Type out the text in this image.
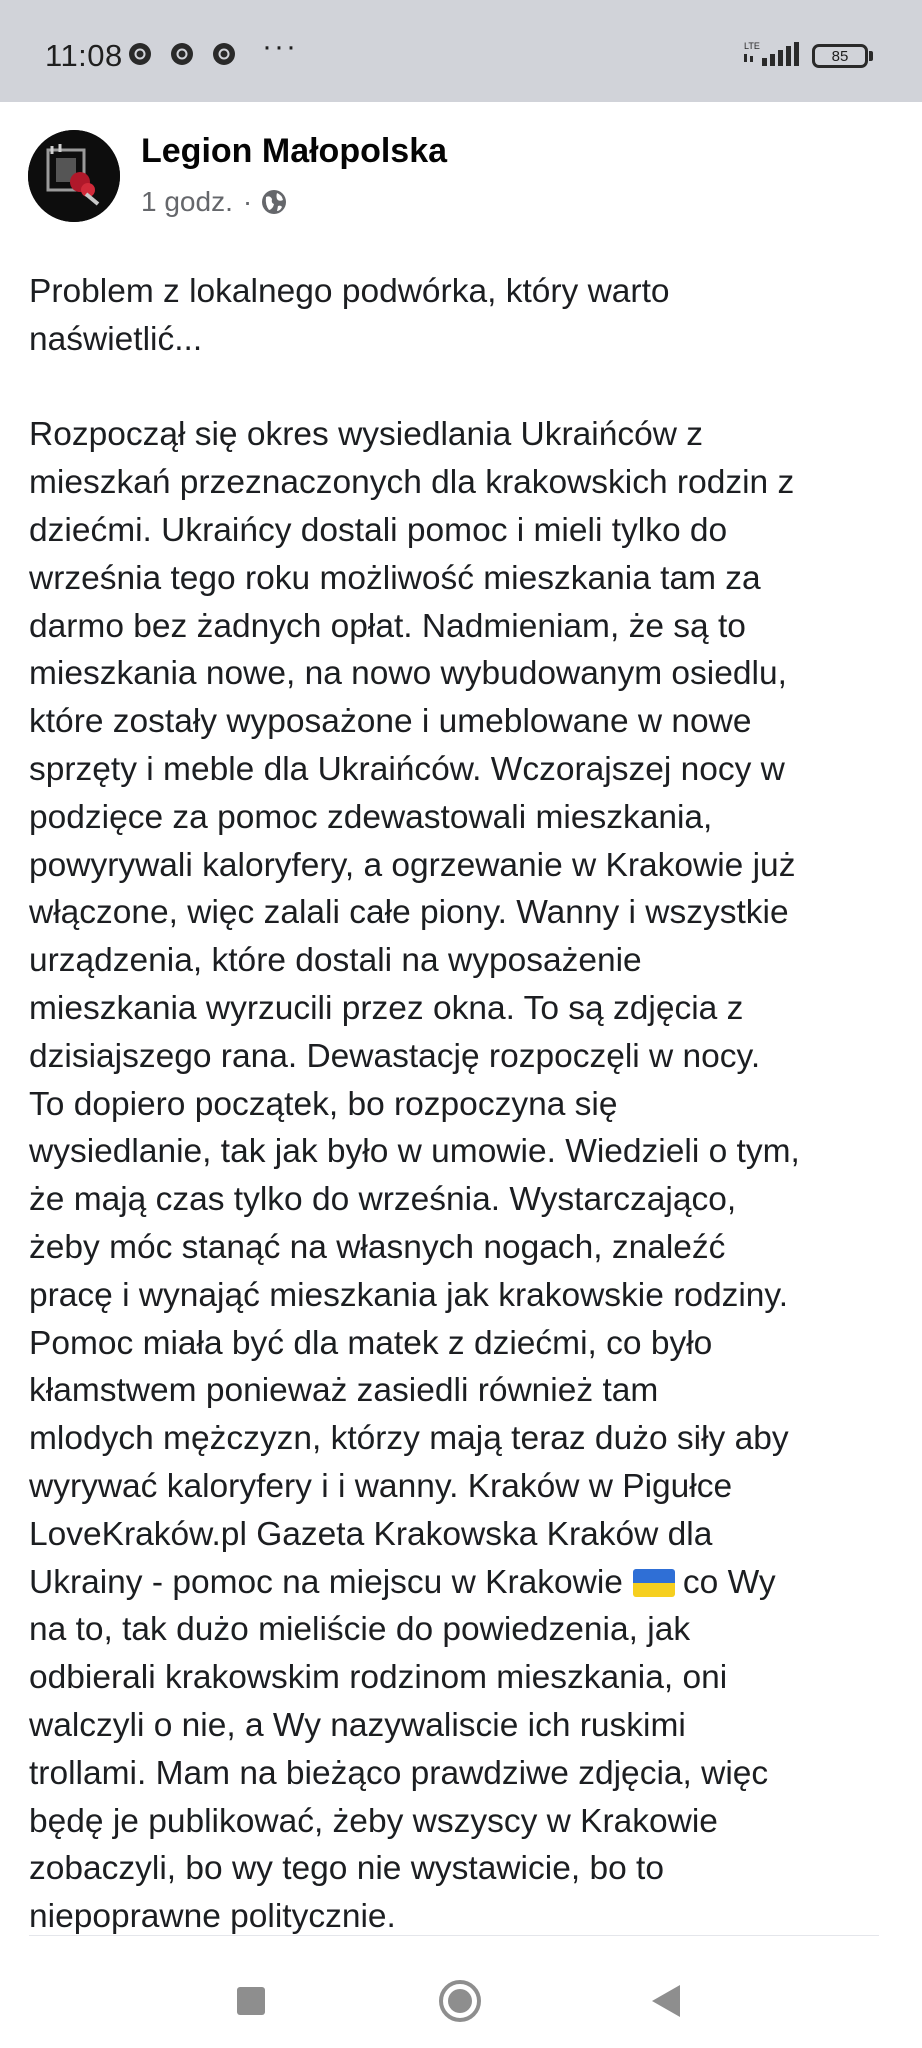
11:08	···	LTE
85
Legion Małopolska
1 godz. ·

Problem z lokalnego podwórka, który warto
naświetlić...

Rozpoczął się okres wysiedlania Ukraińców z
mieszkań przeznaczonych dla krakowskich rodzin z
dziećmi. Ukraińcy dostali pomoc i mieli tylko do
września tego roku możliwość mieszkania tam za
darmo bez żadnych opłat. Nadmieniam, że są to
mieszkania nowe, na nowo wybudowanym osiedlu,
które zostały wyposażone i umeblowane w nowe
sprzęty i meble dla Ukraińców. Wczorajszej nocy w
podzięce za pomoc zdewastowali mieszkania,
powyrywali kaloryfery, a ogrzewanie w Krakowie już
włączone, więc zalali całe piony. Wanny i wszystkie
urządzenia, które dostali na wyposażenie
mieszkania wyrzucili przez okna. To są zdjęcia z
dzisiajszego rana. Dewastację rozpoczęli w nocy.
To dopiero początek, bo rozpoczyna się
wysiedlanie, tak jak było w umowie. Wiedzieli o tym,
że mają czas tylko do września. Wystarczająco,
żeby móc stanąć na własnych nogach, znaleźć
pracę i wynająć mieszkania jak krakowskie rodziny.
Pomoc miała być dla matek z dziećmi, co było
kłamstwem ponieważ zasiedli również tam
mlodych mężczyzn, którzy mają teraz dużo siły aby
wyrywać kaloryfery i i wanny. Kraków w Pigułce
LoveKraków.pl Gazeta Krakowska Kraków dla
Ukrainy - pomoc na miejscu w Krakowie co Wy
na to, tak dużo mieliście do powiedzenia, jak
odbierali krakowskim rodzinom mieszkania, oni
walczyli o nie, a Wy nazywaliscie ich ruskimi
trollami. Mam na bieżąco prawdziwe zdjęcia, więc
będę je publikować, żeby wszyscy w Krakowie
zobaczyli, bo wy tego nie wystawicie, bo to
niepoprawne politycznie.
